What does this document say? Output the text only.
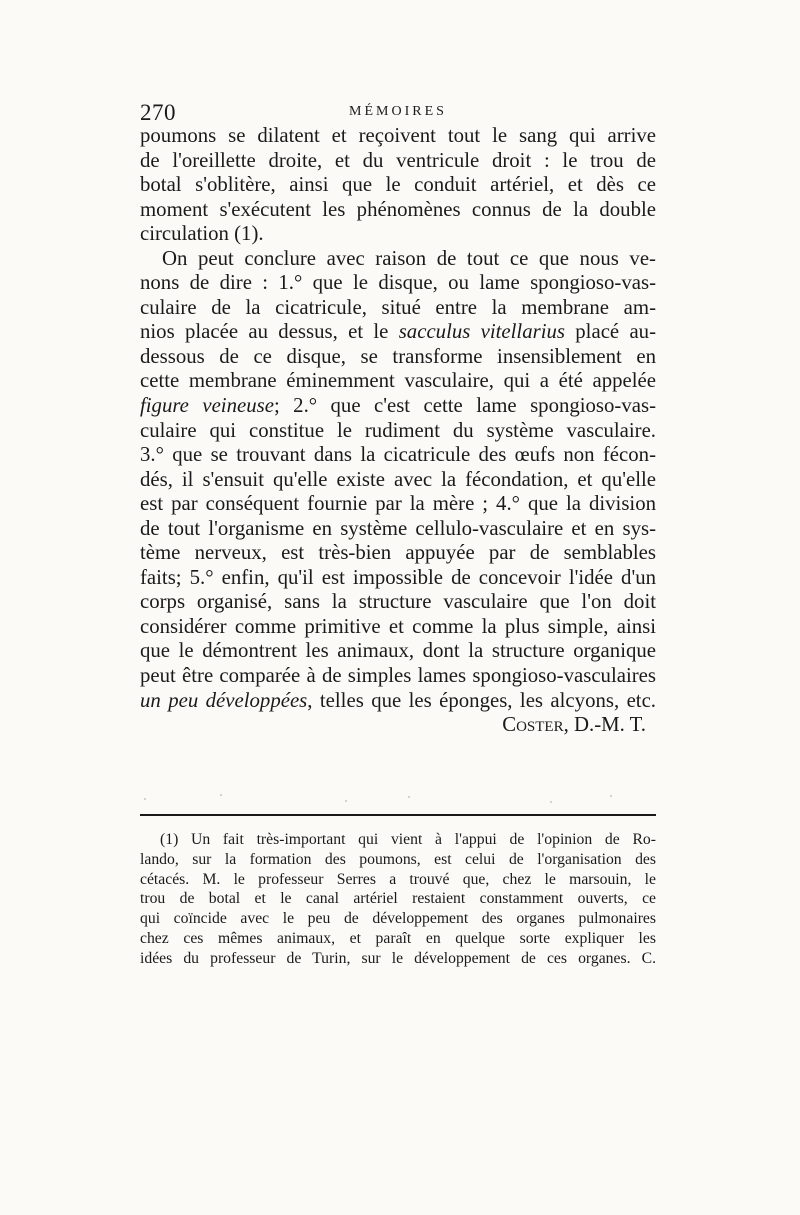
270	MÉMOIRES
poumons se dilatent et reçoivent tout le sang qui arrive
de l'oreillette droite, et du ventricule droit : le trou de
botal s'oblitère, ainsi que le conduit artériel, et dès ce
moment s'exécutent les phénomènes connus de la double
circulation (1).
On peut conclure avec raison de tout ce que nous ve-
nons de dire : 1.° que le disque, ou lame spongioso-vas-
culaire de la cicatricule, situé entre la membrane am-
nios placée au dessus, et le sacculus vitellarius placé au-
dessous de ce disque, se transforme insensiblement en
cette membrane éminemment vasculaire, qui a été appelée
figure veineuse; 2.° que c'est cette lame spongioso-vas-
culaire qui constitue le rudiment du système vasculaire.
3.° que se trouvant dans la cicatricule des œufs non fécon-
dés, il s'ensuit qu'elle existe avec la fécondation, et qu'elle
est par conséquent fournie par la mère ; 4.° que la division
de tout l'organisme en système cellulo-vasculaire et en sys-
tème nerveux, est très-bien appuyée par de semblables
faits; 5.° enfin, qu'il est impossible de concevoir l'idée d'un
corps organisé, sans la structure vasculaire que l'on doit
considérer comme primitive et comme la plus simple, ainsi
que le démontrent les animaux, dont la structure organique
peut être comparée à de simples lames spongioso-vasculaires
un peu développées, telles que les éponges, les alcyons, etc.
Coster, D.-M. T.
(1) Un fait très-important qui vient à l'appui de l'opinion de Ro-
lando, sur la formation des poumons, est celui de l'organisation des
cétacés. M. le professeur Serres a trouvé que, chez le marsouin, le
trou de botal et le canal artériel restaient constamment ouverts, ce
qui coïncide avec le peu de développement des organes pulmonaires
chez ces mêmes animaux, et paraît en quelque sorte expliquer les
idées du professeur de Turin, sur le développement de ces organes. C.
